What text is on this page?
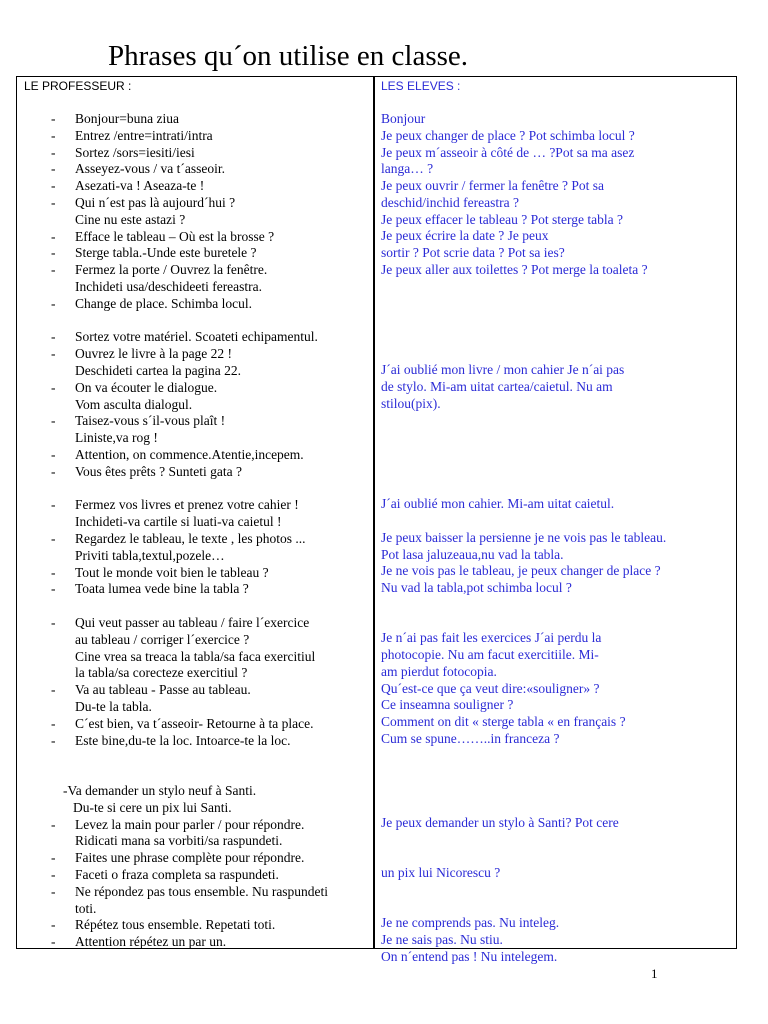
Phrases qu´on utilise en classe.
LE PROFESSEUR :	LES ELEVES :
- Bonjour=buna ziua
- Entrez /entre=intrati/intra
- Sortez /sors=iesiti/iesi
- Asseyez-vous / va t´asseoir.
- Asezati-va ! Aseaza-te !
- Qui n´est pas là aujourd´hui ?
Cine nu este astazi ?
- Efface le tableau – Où est la brosse ?
- Sterge tabla.-Unde este buretele ?
- Fermez la porte / Ouvrez la fenêtre.
Inchideti usa/deschideeti fereastra.
- Change de place. Schimba locul.
- Sortez votre matériel. Scoateti echipamentul.
- Ouvrez le livre à la page 22 !
Deschideti cartea la pagina 22.
- On va écouter le dialogue.
Vom asculta dialogul.
- Taisez-vous s´il-vous plaît !
Liniste,va rog !
- Attention, on commence.Atentie,incepem.
- Vous êtes prêts ? Sunteti gata ?
- Fermez vos livres et prenez votre cahier !
Inchideti-va cartile si luati-va caietul !
- Regardez le tableau, le texte , les photos ...
Priviti tabla,textul,pozele…
- Tout le monde voit bien le tableau ?
- Toata lumea vede bine la tabla ?
- Qui veut passer au tableau / faire l´exercice
au tableau / corriger l´exercice ?
Cine vrea sa treaca la tabla/sa faca exercitiul
la tabla/sa corecteze exercitiul ?
- Va au tableau - Passe au tableau.
Du-te la tabla.
- C´est bien, va t´asseoir- Retourne à ta place.
- Este bine,du-te la loc. Intoarce-te la loc.
-Va demander un stylo neuf à Santi.
Du-te si cere un pix lui Santi.
- Levez la main pour parler / pour répondre.
Ridicati mana sa vorbiti/sa raspundeti.
- Faites une phrase complète pour répondre.
- Faceti o fraza completa sa raspundeti.
- Ne répondez pas tous ensemble. Nu raspundeti
toti.
- Répétez tous ensemble. Repetati toti.
- Attention répétez un par un.
Bonjour
Je peux changer de place ? Pot schimba locul ?
Je peux m´asseoir à côté de … ?Pot sa ma asez
langa… ?
Je peux ouvrir / fermer la fenêtre ? Pot sa
deschid/inchid fereastra ?
Je peux effacer le tableau ? Pot sterge tabla ?
Je peux écrire la date ? Je peux
sortir ? Pot scrie data ? Pot sa ies?
Je peux aller aux toilettes ? Pot merge la toaleta ?
J´ai oublié mon livre / mon cahier Je n´ai pas
de stylo. Mi-am uitat cartea/caietul. Nu am
stilou(pix).
J´ai oublié mon cahier. Mi-am uitat caietul.
Je peux baisser la persienne je ne vois pas le tableau.
Pot lasa jaluzeaua,nu vad la tabla.
Je ne vois pas le tableau, je peux changer de place ?
Nu vad la tabla,pot schimba locul ?
Je n´ai pas fait les exercices J´ai perdu la
photocopie. Nu am facut exercitiile. Mi-
am pierdut fotocopia.
Qu´est-ce que ça veut dire:«souligner» ?
Ce inseamna souligner ?
Comment on dit « sterge tabla « en français ?
Cum se spune……..in franceza ?
Je peux demander un stylo à Santi? Pot cere
un pix lui Nicorescu ?
Je ne comprends pas. Nu inteleg.
Je ne sais pas. Nu stiu.
On n´entend pas ! Nu intelegem.
1
